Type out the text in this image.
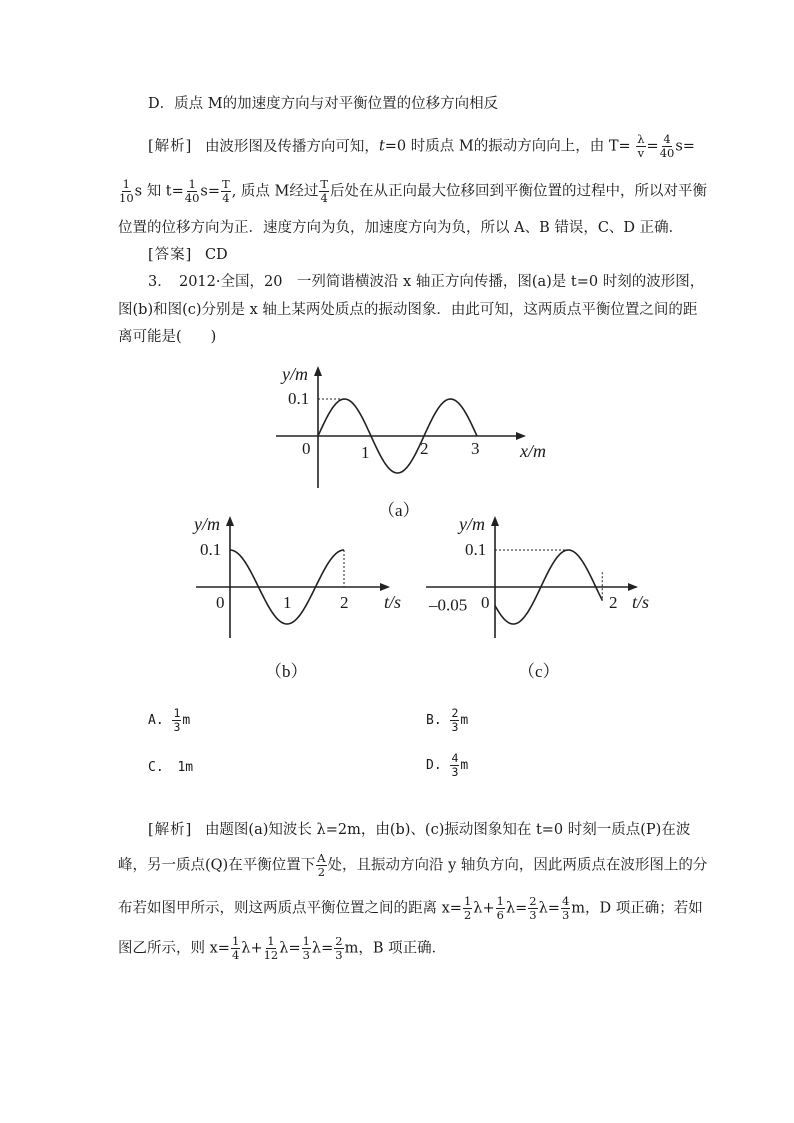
D．质点 M的加速度方向与对平衡位置的位移方向相反
[解析] 由波形图及传播方向可知，t=0 时质点 M的振动方向向上，由 $T= \frac{\lambda}{v} = \frac{4}{40} s=$
$\frac{1}{10}$ s 知 $t= \frac{1}{40} s= \frac{T}{4}$ , 质点 M经过 $\frac{T}{4}$ 后处在从正向最大位移回到平衡位置的过程中，所以对平衡
位置的位移方向为正．速度方向为负，加速度方向为负，所以 A、B 错误，C、D 正确．
[答案] CD
3．　2012·全国，20　一列简谐横波沿 x 轴正方向传播，图(a)是 t=0 时刻的波形图，
图(b)和图(c)分别是 x 轴上某两处质点的振动图象．由此可知，这两质点平衡位置之间的距
离可能是(　　)
y/m
x/m
0.1
0	1	2	3
（a）
y/m
t/s
0.1
0	1	2
（b）
y/m
t/s
0.1
–0.05 0	2
（c）
A. $\frac{1}{3}$ m	B. $\frac{2}{3}$ m
C. 1m	D. $\frac{4}{3}$ m
[解析] 由题图(a)知波长 λ=2m，由(b)、(c)振动图象知在 t=0 时刻一质点(P)在波
峰，另一质点(Q)在平衡位置下 $\frac{A}{2}$ 处，且振动方向沿 y 轴负方向，因此两质点在波形图上的分
布若如图甲所示，则这两质点平衡位置之间的距离 $x= \frac{1}{2} \lambda+ \frac{1}{6} \lambda= \frac{2}{3} \lambda= \frac{4}{3}$ m，D 项正确；若如
图乙所示，则 $x= \frac{1}{4} \lambda+ \frac{1}{12} \lambda= \frac{1}{3} \lambda= \frac{2}{3}$ m，B 项正确．
